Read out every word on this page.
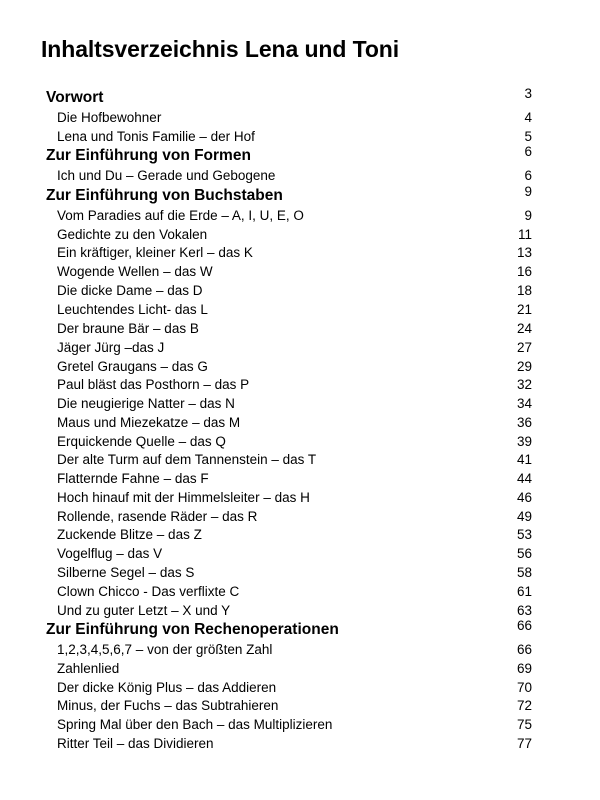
Inhaltsverzeichnis Lena und Toni
Vorwort	3
Die Hofbewohner	4
Lena und Tonis Familie – der Hof	5
Zur Einführung von Formen	6
Ich und Du – Gerade und Gebogene	6
Zur Einführung von Buchstaben	9
Vom Paradies auf die Erde – A, I, U, E, O	9
Gedichte zu den Vokalen	11
Ein kräftiger, kleiner Kerl – das K	13
Wogende Wellen – das W	16
Die dicke Dame – das D	18
Leuchtendes Licht- das L	21
Der braune Bär – das B	24
Jäger Jürg –das J	27
Gretel Graugans – das G	29
Paul bläst das Posthorn – das P	32
Die neugierige Natter – das N	34
Maus und Miezekatze – das M	36
Erquickende Quelle – das Q	39
Der alte Turm auf dem Tannenstein – das T	41
Flatternde Fahne – das F	44
Hoch hinauf mit der Himmelsleiter – das H	46
Rollende, rasende Räder – das R	49
Zuckende Blitze – das Z	53
Vogelflug – das V	56
Silberne Segel – das S	58
Clown Chicco - Das verflixte C	61
Und zu guter Letzt – X und Y	63
Zur Einführung von Rechenoperationen	66
1,2,3,4,5,6,7 – von der größten Zahl	66
Zahlenlied	69
Der dicke König Plus – das Addieren	70
Minus, der Fuchs – das Subtrahieren	72
Spring Mal über den Bach – das Multiplizieren	75
Ritter Teil – das Dividieren	77
